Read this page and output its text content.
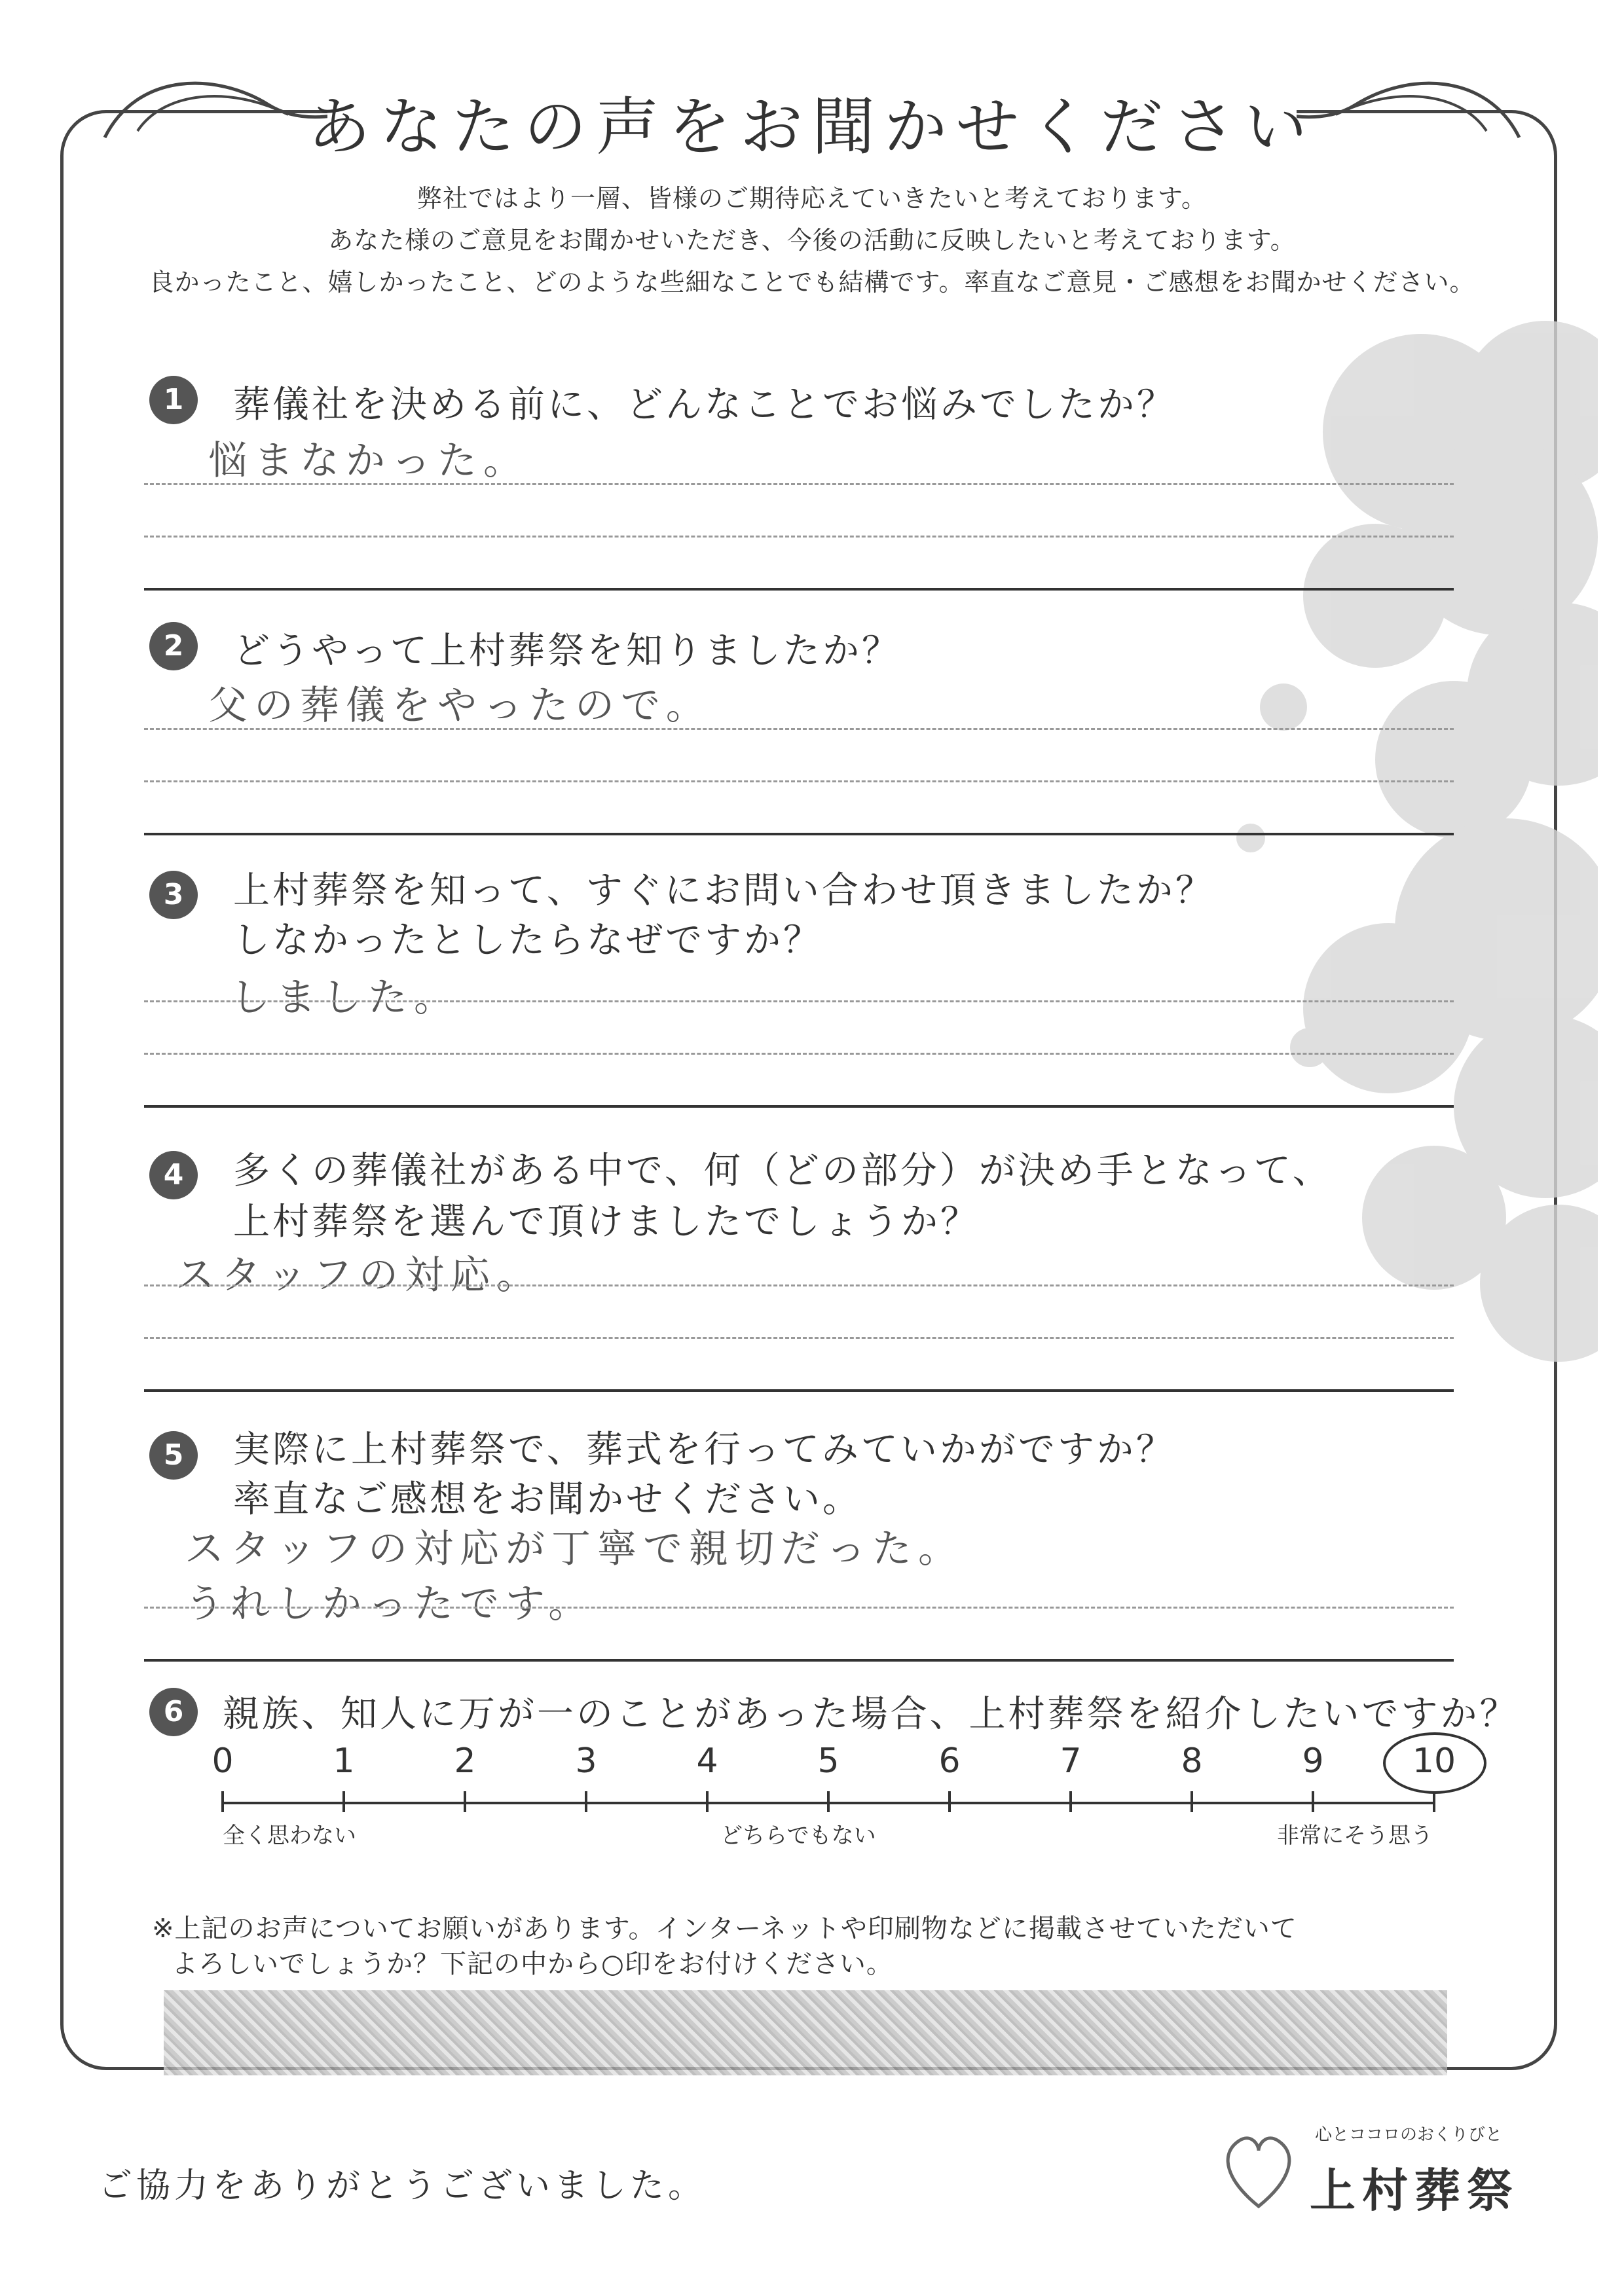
あなたの声をお聞かせください
弊社ではより一層、皆様のご期待応えていきたいと考えております。
あなた様のご意見をお聞かせいただき、今後の活動に反映したいと考えております。
良かったこと、嬉しかったこと、どのような些細なことでも結構です。率直なご意見・ご感想をお聞かせください。
1	葬儀社を決める前に、どんなことでお悩みでしたか？
悩まなかった。
2	どうやって上村葬祭を知りましたか？
父の葬儀をやったので。
3	上村葬祭を知って、すぐにお問い合わせ頂きましたか？
しなかったとしたらなぜですか？
しました。
4	多くの葬儀社がある中で、何（どの部分）が決め手となって、
上村葬祭を選んで頂けましたでしょうか？
スタッフの対応。
5	実際に上村葬祭で、葬式を行ってみていかがですか？
率直なご感想をお聞かせください。
スタッフの対応が丁寧で親切だった。
うれしかったです。
6	親族、知人に万が一のことがあった場合、上村葬祭を紹介したいですか？
0	1	2	3	4	5	6	7	8	9	10
全く思わない	どちらでもない	非常にそう思う
※上記のお声についてお願いがあります。インターネットや印刷物などに掲載させていただいて
よろしいでしょうか？下記の中から○印をお付けください。
ご協力をありがとうございました。
心とココロのおくりびと
上村葬祭
